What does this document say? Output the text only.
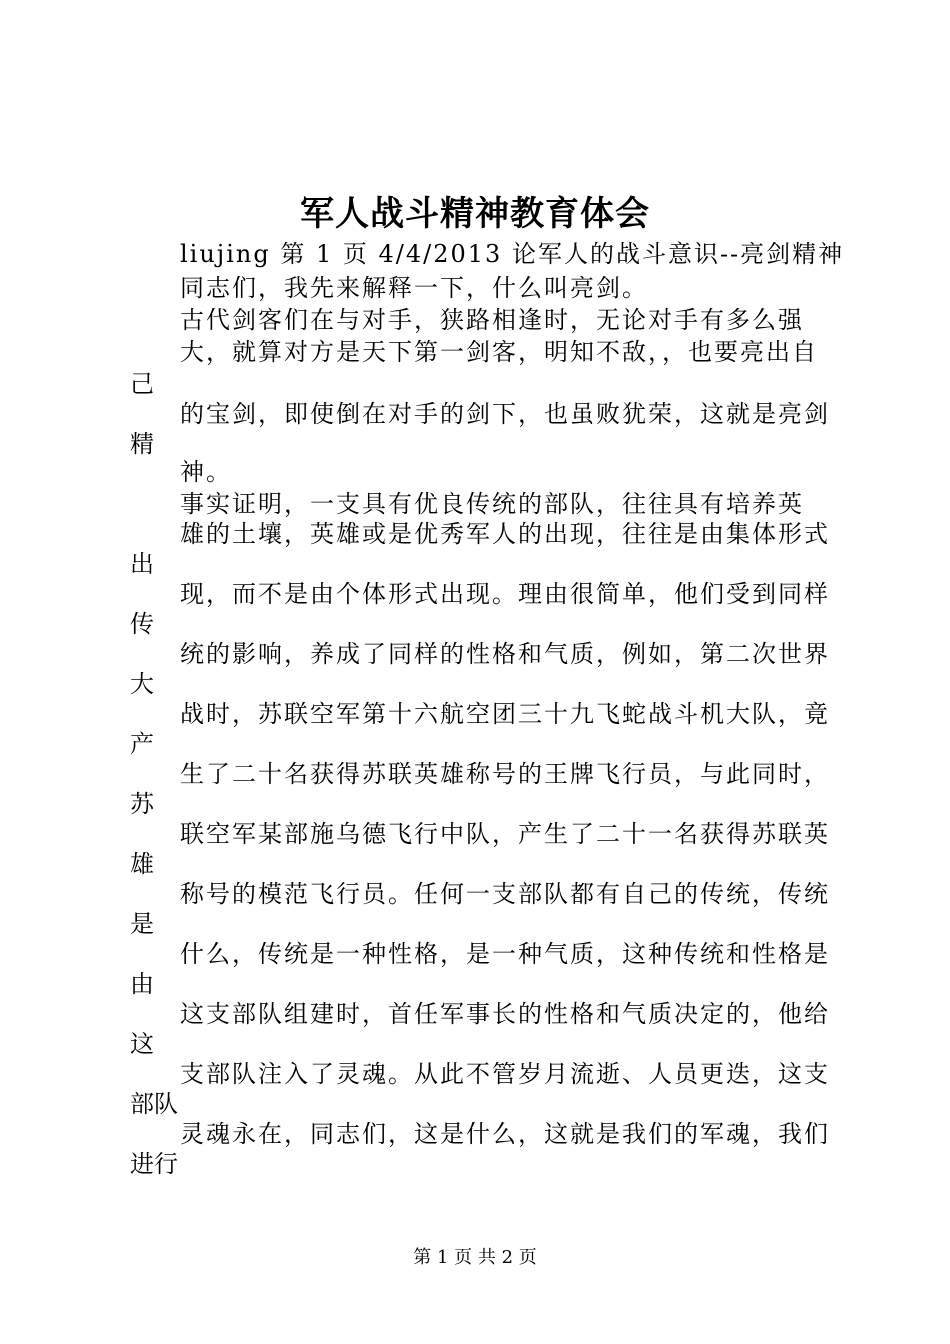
军人战斗精神教育体会
liujing 第 1 页 4/4/2013 论军人的战斗意识--亮剑精神
同志们，我先来解释一下，什么叫亮剑。
古代剑客们在与对手，狭路相逢时，无论对手有多么强
大，就算对方是天下第一剑客，明知不敌，，也要亮出自
己
的宝剑，即使倒在对手的剑下，也虽败犹荣，这就是亮剑
精
神。
事实证明，一支具有优良传统的部队，往往具有培养英
雄的土壤，英雄或是优秀军人的出现，往往是由集体形式
出
现，而不是由个体形式出现。理由很简单，他们受到同样
传
统的影响，养成了同样的性格和气质，例如，第二次世界
大
战时，苏联空军第十六航空团三十九飞蛇战斗机大队，竟
产
生了二十名获得苏联英雄称号的王牌飞行员，与此同时，
苏
联空军某部施乌德飞行中队，产生了二十一名获得苏联英
雄
称号的模范飞行员。任何一支部队都有自己的传统，传统
是
什么，传统是一种性格，是一种气质，这种传统和性格是
由
这支部队组建时，首任军事长的性格和气质决定的，他给
这
支部队注入了灵魂。从此不管岁月流逝、人员更迭，这支
部队
灵魂永在，同志们，这是什么，这就是我们的军魂，我们
进行
第 1 页 共 2 页
